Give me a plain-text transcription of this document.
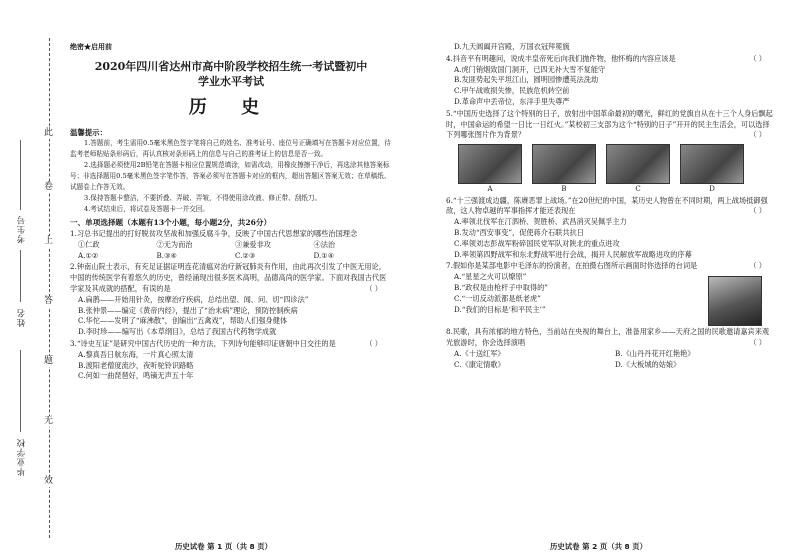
此
卷
上
答
题
无
效
考生号
姓名
毕业学校
绝密★启用前
2020年四川省达州市高中阶段学校招生统一考试暨初中
学业水平考试
历 史
温馨提示：
1.答题前，考生需用0.5毫米黑色签字笔将自己的姓名、准考证号、座位号正确填写在答题卡对应位置，待监考老师粘贴条形码后，再认真核对条形码上的信息与自己的准考证上的信息是否一致。
2.选择题必须使用2B铅笔在答题卡相应位置规范填涂，如需改动，用橡皮擦擦干净后，再选涂其他答案标号；非选择题用0.5毫米黑色签字笔作答，答案必须写在答题卡对应的框内，超出答题区答案无效；在草稿纸、试题卷上作答无效。
3.保持答题卡整洁，不要折叠、弄破、弄皱，不得使用涂改液、修正带、刮纸刀。
4.考试结束后，将试卷及答题卡一并交回。
一、单项选择题（本题有13个小题，每小题2分，共26分）
1.习总书记提出的打好脱贫攻坚战和加强反腐斗争，反映了中国古代思想家的哪些治国理念
①仁政	②无为而治	③兼爱非攻	④法治
A.①②	B.③④	C.②③	D.①④
2.钟南山院士表示，有充足证据证明连花清瘟对治疗新冠肺炎有作用，由此再次引发了中医无用论，中国的传统医学有着悠久的历史，曾经涌现出很多医术高明，品德高尚的医学家。下面对我国古代医学家及其成就的搭配，有误的是	（ ）
A.扁鹊——开始用针灸，按摩治疗疾病，总结出望、闻、问、切“四诊法”
B.张仲景——编定《黄帝内经》，提出了“治未病”理论，预防控制疾病
C.华佗——发明了“麻沸散”，创编出“五禽戏”，帮助人们强身健体
D.李时珍——编写出《本草纲目》，总结了我国古代药物学成就
3.“诗史互证”是研究中国古代历史的一种方法，下列诗句能够印证唐朝中日交往的是	（ ）
A.黎真吾日航东海，一片真心照太清
B.渡阳老僧度流沙，夜听驼铃识路略
C.何如一曲琵琶好，鸣镝无声五十年
历史试卷 第 1 页（共 8 页）
D.九天阊阖开宫殿，万国衣冠拜冕旒
4.抖音平有明趣问，说成丰皇帝死后向我们抛件物，他怀梅的内容应该是	（ ）
A.虎门销烟致国门洞开，已四无补大雪不复能守
B.发匪势起失平坦江山，圆明园惨遭英法洗劫
C.甲午战败损失惨，民族危机转空前
D.革命声中丢帝位，东洋手里失尊严
5.“中国历史选择了这个特别的日子，放射出中国革命最初的曙光，鲜红的党旗自从在十三个人身后飘起时，中国命运的希望一日比一日红火。”某校初三支部为这个“特别的日子”开开的民主生活会，可以选择下列哪张图片作为背景？	（ ）
A	B	C	D
6.“十三强渡成边疆，陈赓恶罪上战场。”在20世纪的中国，某历史人物曾在不同时期，两上战场抵御强敌，这人物卓越的军事指挥才能还表现在	（ ）
A.率领北伐军在汀泗桥、贺胜桥、武昌消灭吴佩孚主力
B.发动“西安事变”，促使蒋介石联共抗日
C.率领刘志彭战军粉碎国民党军队对陕北的重点进攻
D.率领第四野战军和东北野战军进行会战，揭开人民解放军战略进攻的序幕
7.假如你是某部电影中毛泽东的扮演者，在拍摄右图所示画面时你选择的台词是	（ ）
A.“星星之火可以燎原”
B.“政权是由枪杆子中取得的”
C.“一切反动派都是纸老虎”
D.“我们的目标是‘和平民主’”
8.民歌，具有浓郁的地方特色，当前站在央视的舞台上，准备用家乡——天府之国的民歌邀请嘉宾来观光旅游时，你会选择演唱	（ ）
A.《十送红军》	B.《山丹丹花开红艳艳》
C.《康定情歌》	D.《大板城的姑娘》
历史试卷 第 2 页（共 8 页）
